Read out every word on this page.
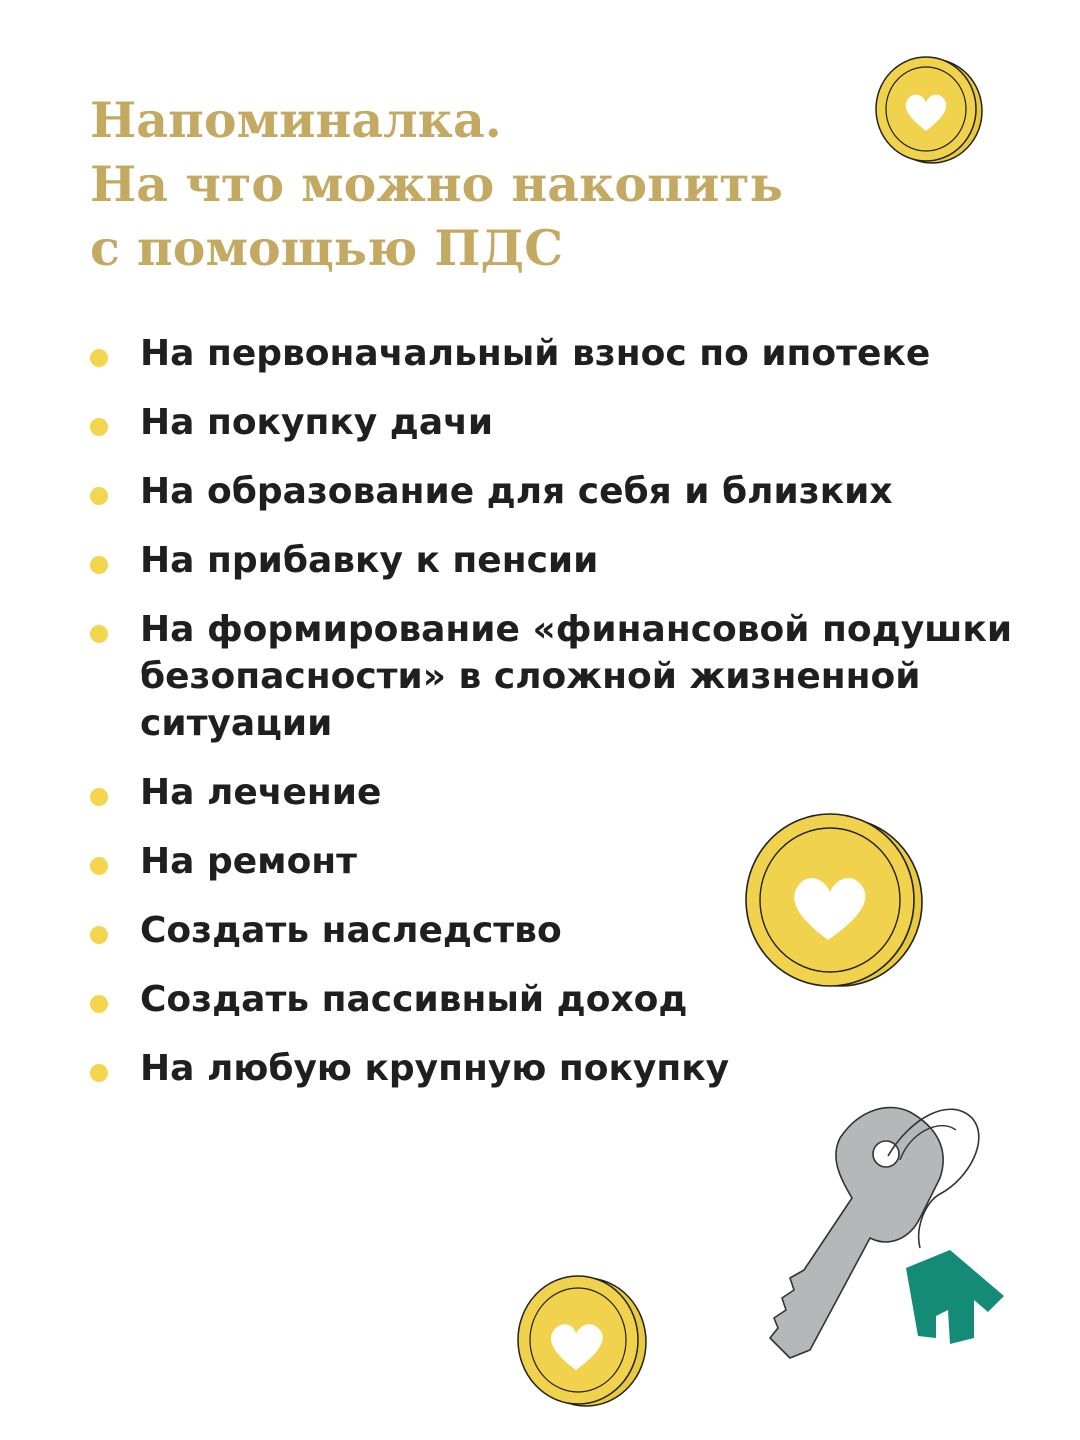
Напоминалка.
На что можно накопить
с помощью ПДС
На первоначальный взнос по ипотеке
На покупку дачи
На образование для себя и близких
На прибавку к пенсии
На формирование «финансовой подушки безопасности» в сложной жизненной ситуации
На лечение
На ремонт
Создать наследство
Создать пассивный доход
На любую крупную покупку
